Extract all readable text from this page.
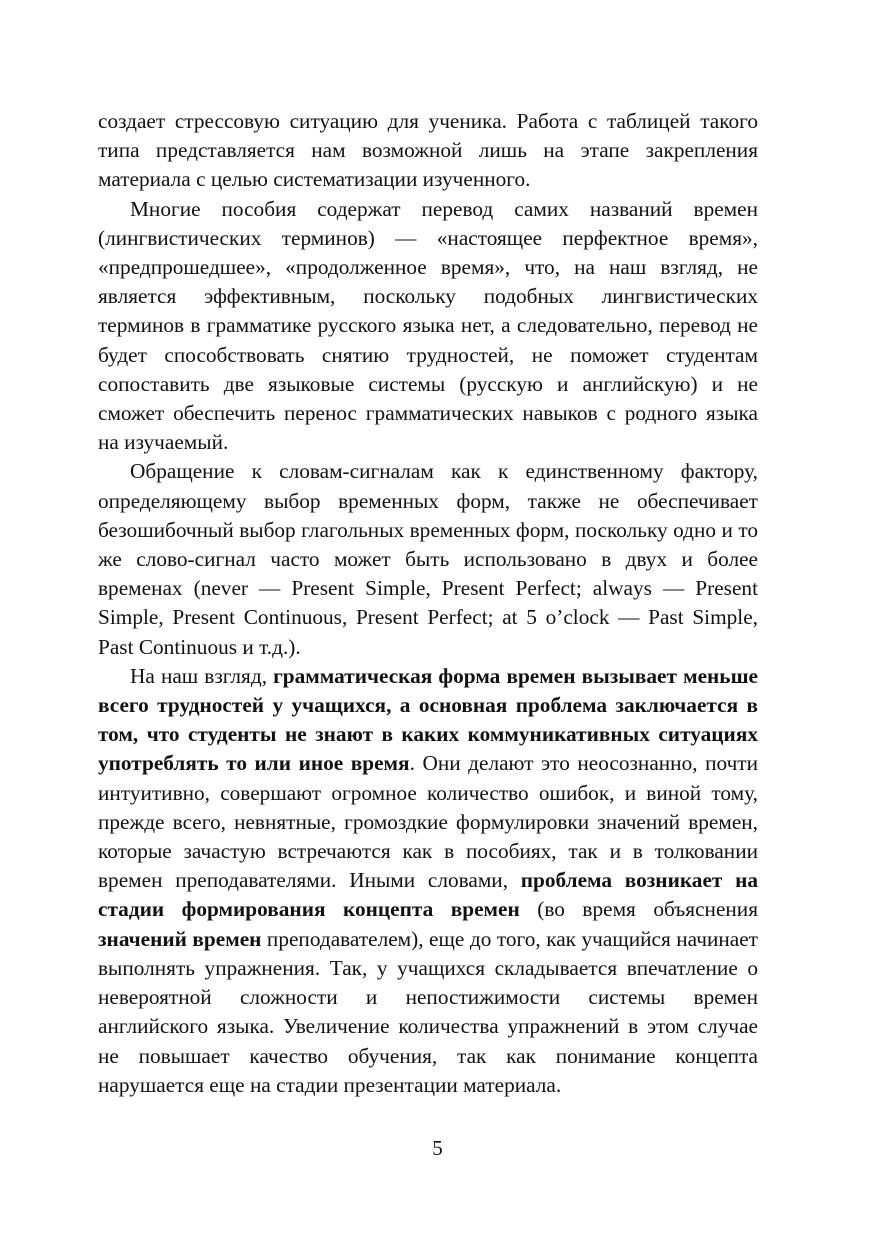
создает стрессовую ситуацию для ученика. Работа с таблицей такого типа представляется нам возможной лишь на этапе закрепления материала с целью систематизации изученного.

Многие пособия содержат перевод самих названий времен (лингвистических терминов) — «настоящее перфектное время», «предпрошедшее», «продолженное время», что, на наш взгляд, не является эффективным, поскольку подобных лингвистических терминов в грамматике русского языка нет, а следовательно, перевод не будет способствовать снятию трудностей, не поможет студентам сопоставить две языковые системы (русскую и английскую) и не сможет обеспечить перенос грамматических навыков с родного языка на изучаемый.

Обращение к словам-сигналам как к единственному фактору, определяющему выбор временных форм, также не обеспечивает безошибочный выбор глагольных временных форм, поскольку одно и то же слово-сигнал часто может быть использовано в двух и более временах (never — Present Simple, Present Perfect; always — Present Simple, Present Continuous, Present Perfect; at 5 o’clock — Past Simple, Past Continuous и т.д.).

На наш взгляд, грамматическая форма времен вызывает меньше всего трудностей у учащихся, а основная проблема заключается в том, что студенты не знают в каких коммуникативных ситуациях употреблять то или иное время. Они делают это неосознанно, почти интуитивно, совершают огромное количество ошибок, и виной тому, прежде всего, невнятные, громоздкие формулировки значений времен, которые зачастую встречаются как в пособиях, так и в толковании времен преподавателями. Иными словами, проблема возникает на стадии формирования концепта времен (во время объяснения значений времен преподавателем), еще до того, как учащийся начинает выполнять упражнения. Так, у учащихся складывается впечатление о невероятной сложности и непостижимости системы времен английского языка. Увеличение количества упражнений в этом случае не повышает качество обучения, так как понимание концепта нарушается еще на стадии презентации материала.

5
